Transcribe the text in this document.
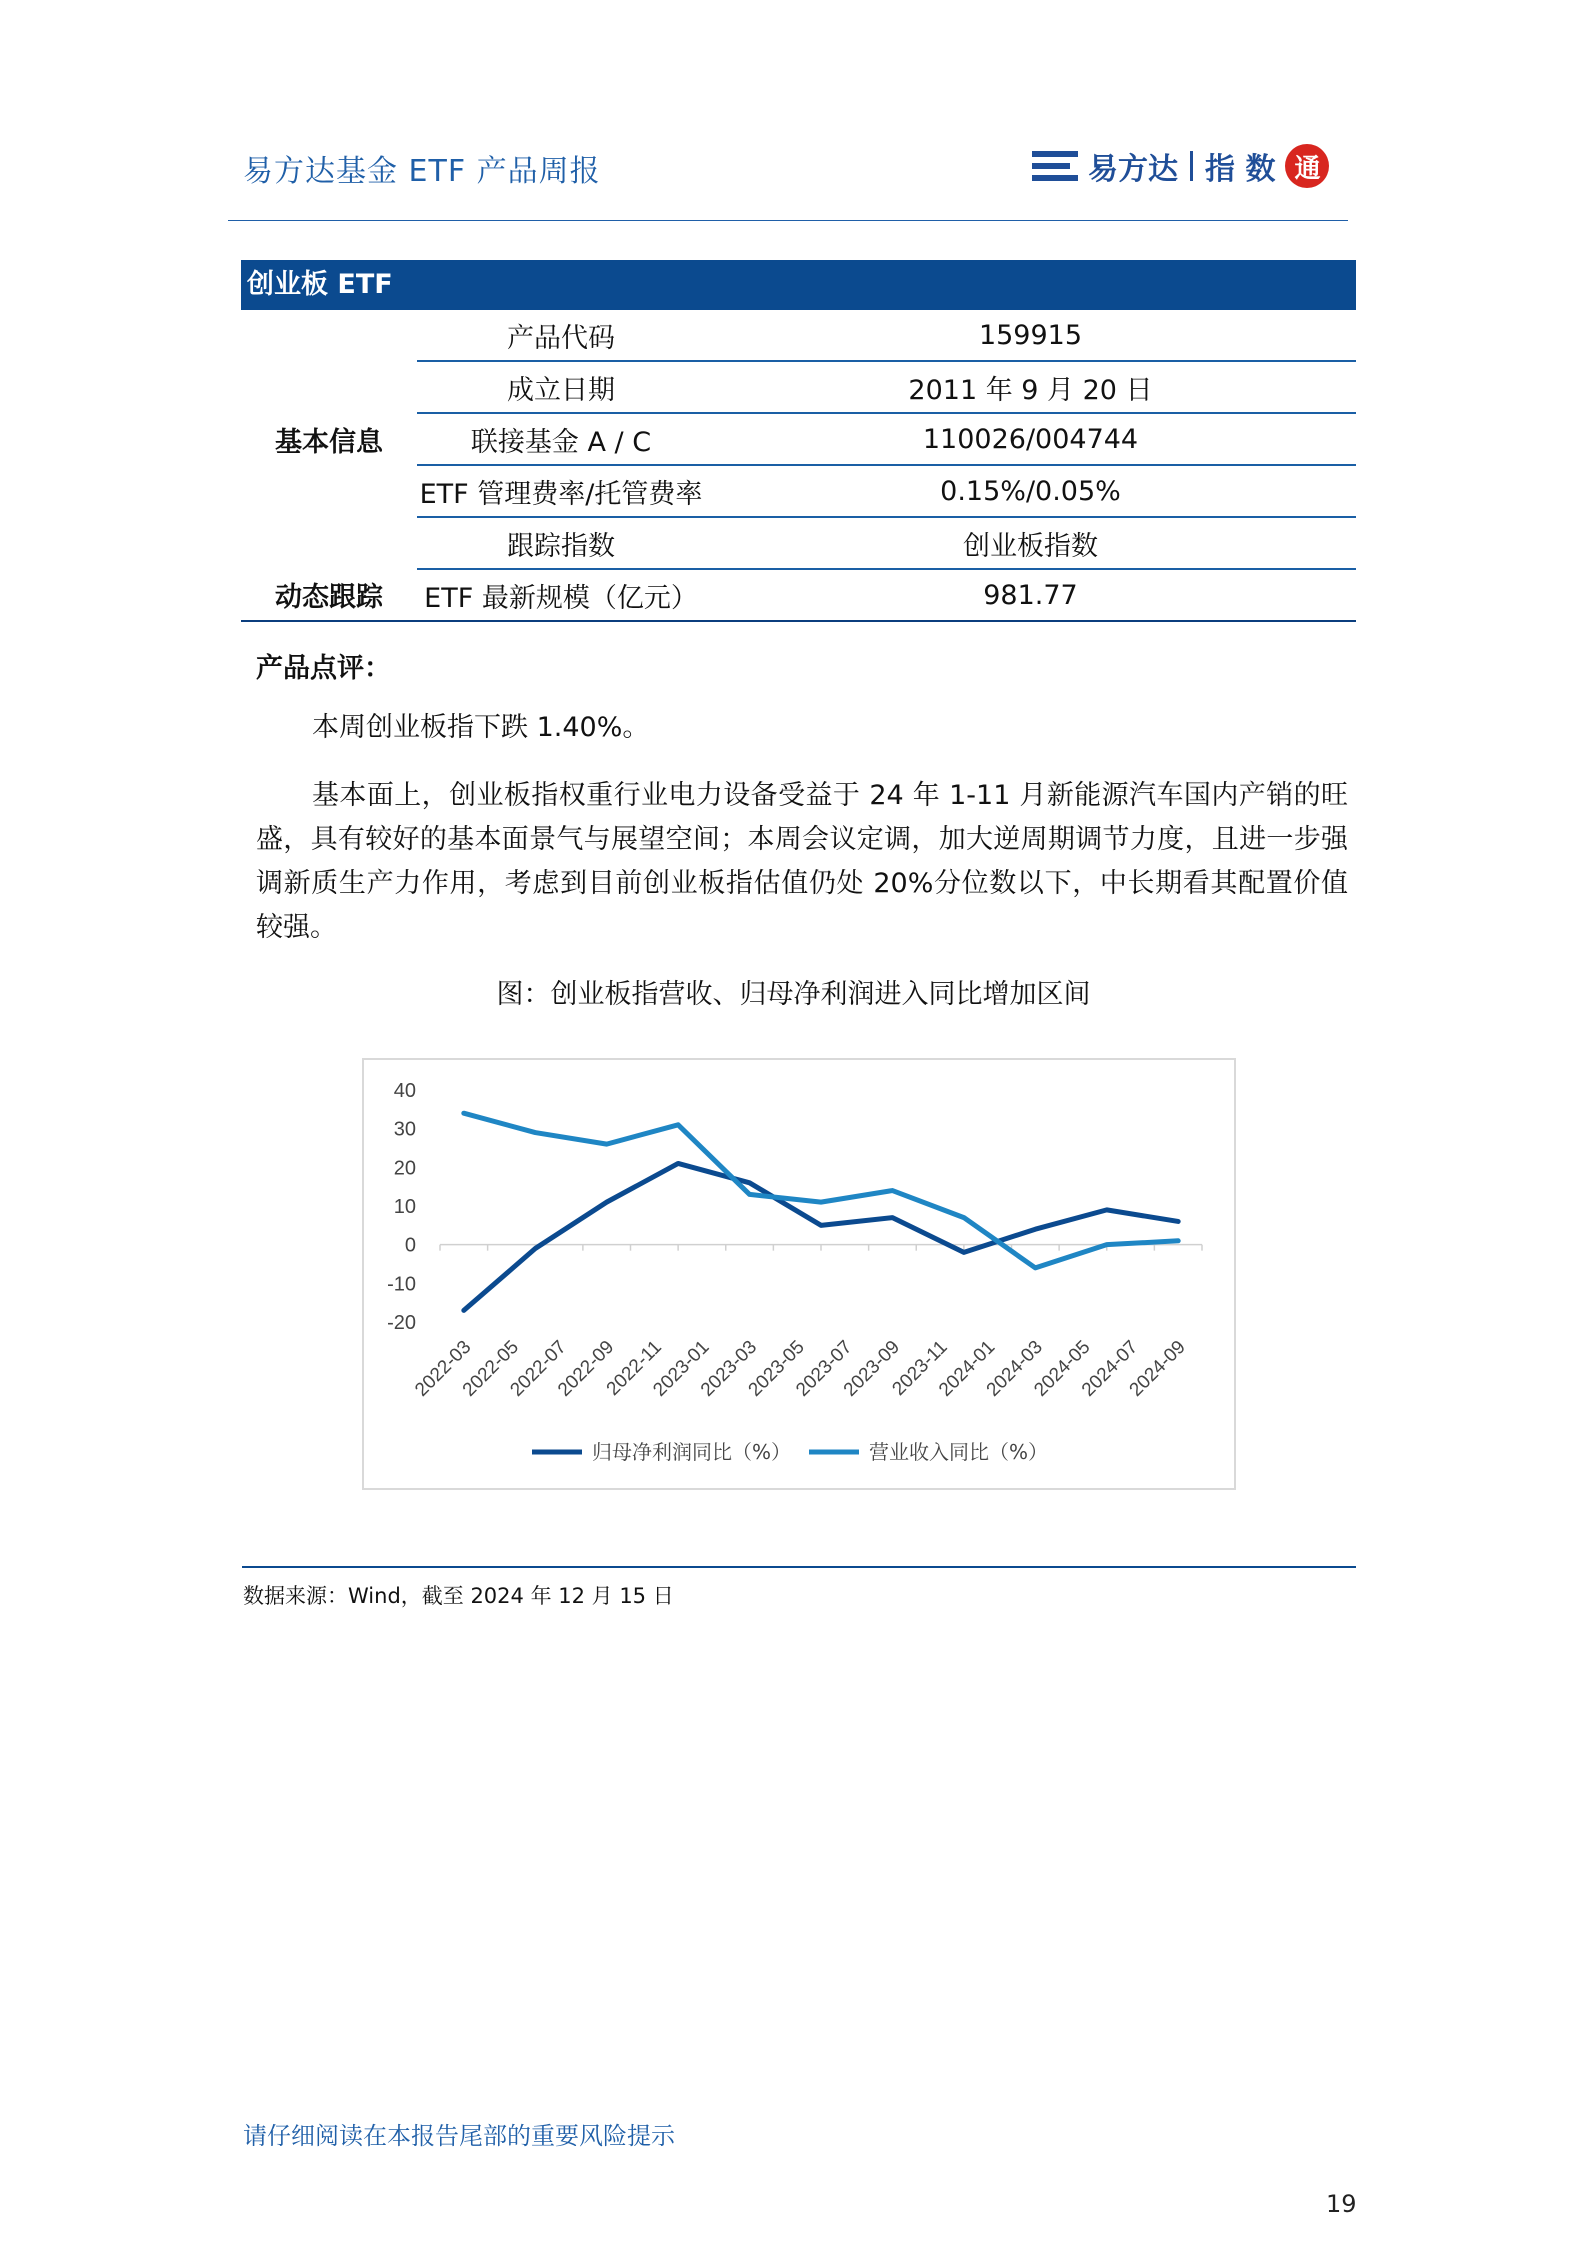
易方达基金 ETF 产品周报	易方达 指 数 通
创业板 ETF
基本信息	产品代码	159915
	成立日期	2011 年 9 月 20 日
	联接基金 A / C	110026/004744
	ETF 管理费率/托管费率	0.15%/0.05%
	跟踪指数	创业板指数
动态跟踪	ETF 最新规模（亿元）	981.77
产品点评：
本周创业板指下跌 1.40%。
基本面上，创业板指权重行业电力设备受益于 24 年 1-11 月新能源汽车国内产销的旺盛，具有较好的基本面景气与展望空间；本周会议定调，加大逆周期调节力度，且进一步强调新质生产力作用，考虑到目前创业板指估值仍处 20%分位数以下，中长期看其配置价值较强。
图：创业板指营收、归母净利润进入同比增加区间
40
30
20
10
0
-10
-20
2022-03
2022-05
2022-07
2022-09
2022-11
2023-01
2023-03
2023-05
2023-07
2023-09
2023-11
2024-01
2024-03
2024-05
2024-07
2024-09
归母净利润同比（%）	营业收入同比（%）
数据来源：Wind，截至 2024 年 12 月 15 日
请仔细阅读在本报告尾部的重要风险提示
19
